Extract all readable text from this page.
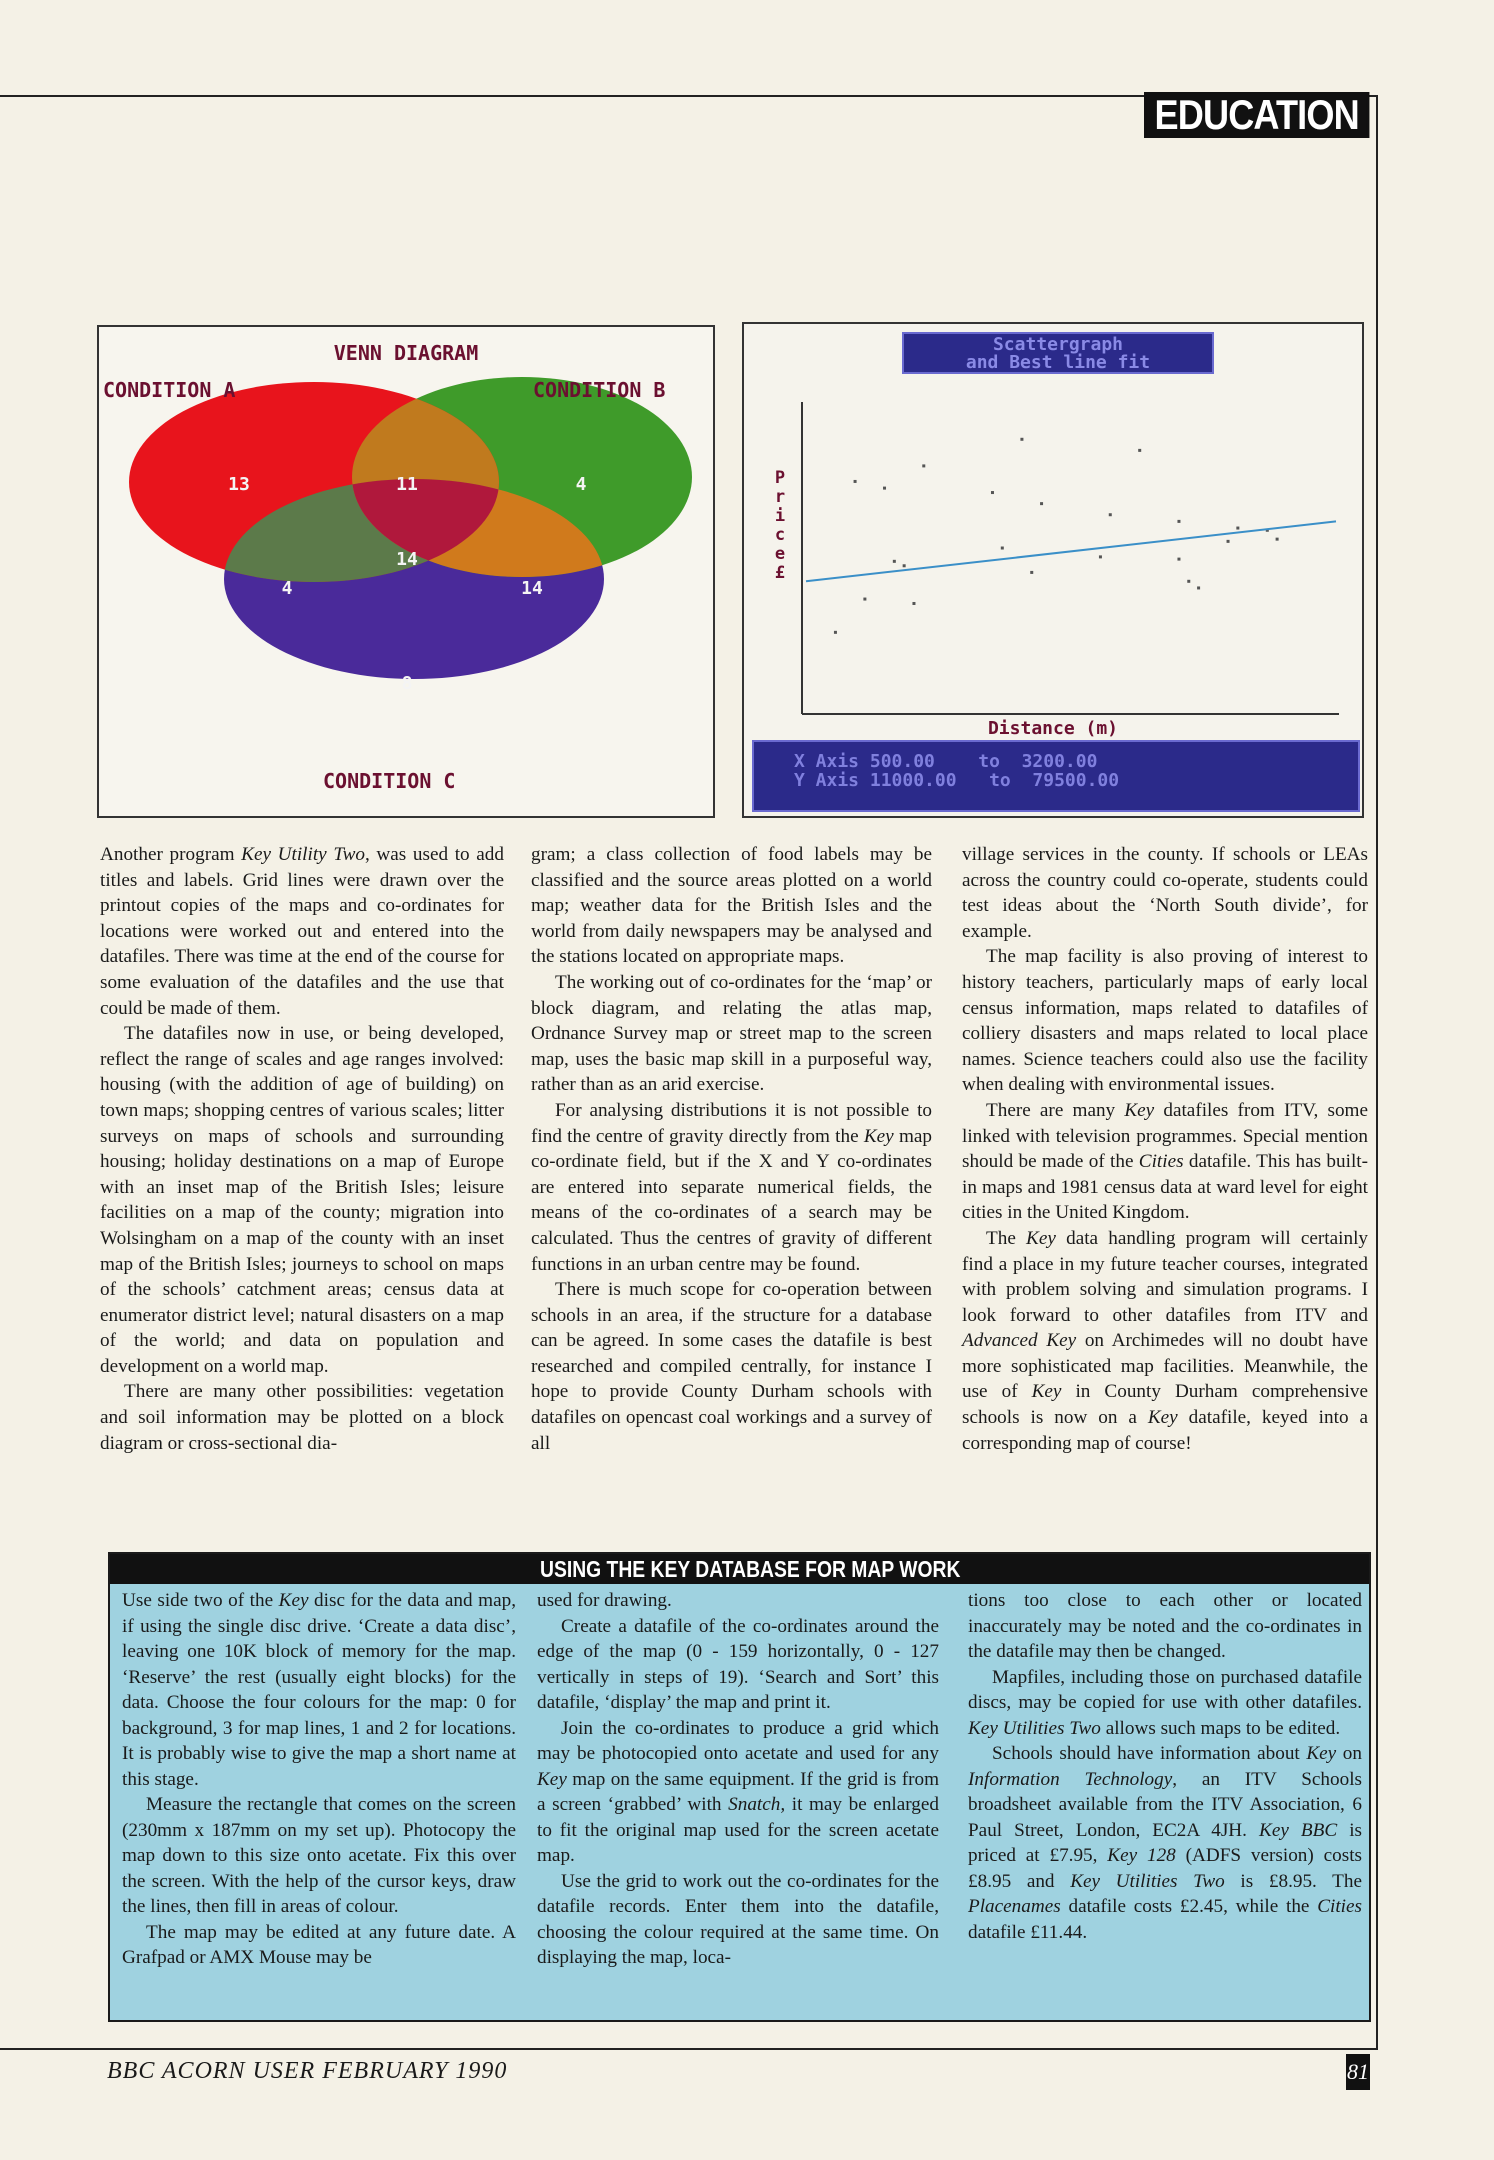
EDUCATION
13	11	4
4
14
14
8
VENN DIAGRAM
CONDITION A	CONDITION B
CONDITION C
Scattergraph
and Best line fit
P
r
i
c
e
£
Distance (m)
X Axis 500.00    to  3200.00
Y Axis 11000.00   to  79500.00

Another program Key Utility Two, was used to add titles and labels. Grid lines were drawn over the printout copies of the maps and co-ordinates for locations were worked out and entered into the datafiles. There was time at the end of the course for some evaluation of the datafiles and the use that could be made of them.

The datafiles now in use, or being developed, reflect the range of scales and age ranges involved: housing (with the addition of age of building) on town maps; shopping centres of various scales; litter surveys on maps of schools and surrounding housing; holiday destinations on a map of Europe with an inset map of the British Isles; leisure facilities on a map of the county; migration into Wolsingham on a map of the county with an inset map of the British Isles; journeys to school on maps of the schools’ catchment areas; census data at enumerator district level; natural disasters on a map of the world; and data on population and development on a world map.

There are many other possibilities: vegetation and soil information may be plotted on a block diagram or cross-sectional dia-

gram; a class collection of food labels may be classified and the source areas plotted on a world map; weather data for the British Isles and the world from daily newspapers may be analysed and the stations located on appropriate maps.

The working out of co-ordinates for the ‘map’ or block diagram, and relating the atlas map, Ordnance Survey map or street map to the screen map, uses the basic map skill in a purposeful way, rather than as an arid exercise.

For analysing distributions it is not possible to find the centre of gravity directly from the Key map co-ordinate field, but if the X and Y co-ordinates are entered into separate numerical fields, the means of the co-ordinates of a search may be calculated. Thus the centres of gravity of different functions in an urban centre may be found.

There is much scope for co-operation between schools in an area, if the structure for a database can be agreed. In some cases the datafile is best researched and compiled centrally, for instance I hope to provide County Durham schools with datafiles on opencast coal workings and a survey of all

village services in the county. If schools or LEAs across the country could co-operate, students could test ideas about the ‘North South divide’, for example.

The map facility is also proving of interest to history teachers, particularly maps of early local census information, maps related to datafiles of colliery disasters and maps related to local place names. Science teachers could also use the facility when dealing with environmental issues.

There are many Key datafiles from ITV, some linked with television programmes. Special mention should be made of the Cities datafile. This has built-in maps and 1981 census data at ward level for eight cities in the United Kingdom.

The Key data handling program will certainly find a place in my future teacher courses, integrated with problem solving and simulation programs. I look forward to other datafiles from ITV and Advanced Key on Archimedes will no doubt have more sophisticated map facilities. Meanwhile, the use of Key in County Durham comprehensive schools is now on a Key datafile, keyed into a corresponding map of course!

USING THE KEY DATABASE FOR MAP WORK

Use side two of the Key disc for the data and map, if using the single disc drive. ‘Create a data disc’, leaving one 10K block of memory for the map. ‘Reserve’ the rest (usually eight blocks) for the data. Choose the four colours for the map: 0 for background, 3 for map lines, 1 and 2 for locations. It is probably wise to give the map a short name at this stage.

Measure the rectangle that comes on the screen (230mm x 187mm on my set up). Photocopy the map down to this size onto acetate. Fix this over the screen. With the help of the cursor keys, draw the lines, then fill in areas of colour.

The map may be edited at any future date. A Grafpad or AMX Mouse may be

used for drawing.

Create a datafile of the co-ordinates around the edge of the map (0 - 159 horizontally, 0 - 127 vertically in steps of 19). ‘Search and Sort’ this datafile, ‘display’ the map and print it.

Join the co-ordinates to produce a grid which may be photocopied onto acetate and used for any Key map on the same equipment. If the grid is from a screen ‘grabbed’ with Snatch, it may be enlarged to fit the original map used for the screen acetate map.

Use the grid to work out the co-ordinates for the datafile records. Enter them into the datafile, choosing the colour required at the same time. On displaying the map, loca-

tions too close to each other or located inaccurately may be noted and the co-ordinates in the datafile may then be changed.

Mapfiles, including those on purchased datafile discs, may be copied for use with other datafiles. Key Utilities Two allows such maps to be edited.

Schools should have information about Key on Information Technology, an ITV Schools broadsheet available from the ITV Association, 6 Paul Street, London, EC2A 4JH. Key BBC is priced at £7.95, Key 128 (ADFS version) costs £8.95 and Key Utilities Two is £8.95. The Placenames datafile costs £2.45, while the Cities datafile £11.44.

BBC ACORN USER FEBRUARY 1990	81
